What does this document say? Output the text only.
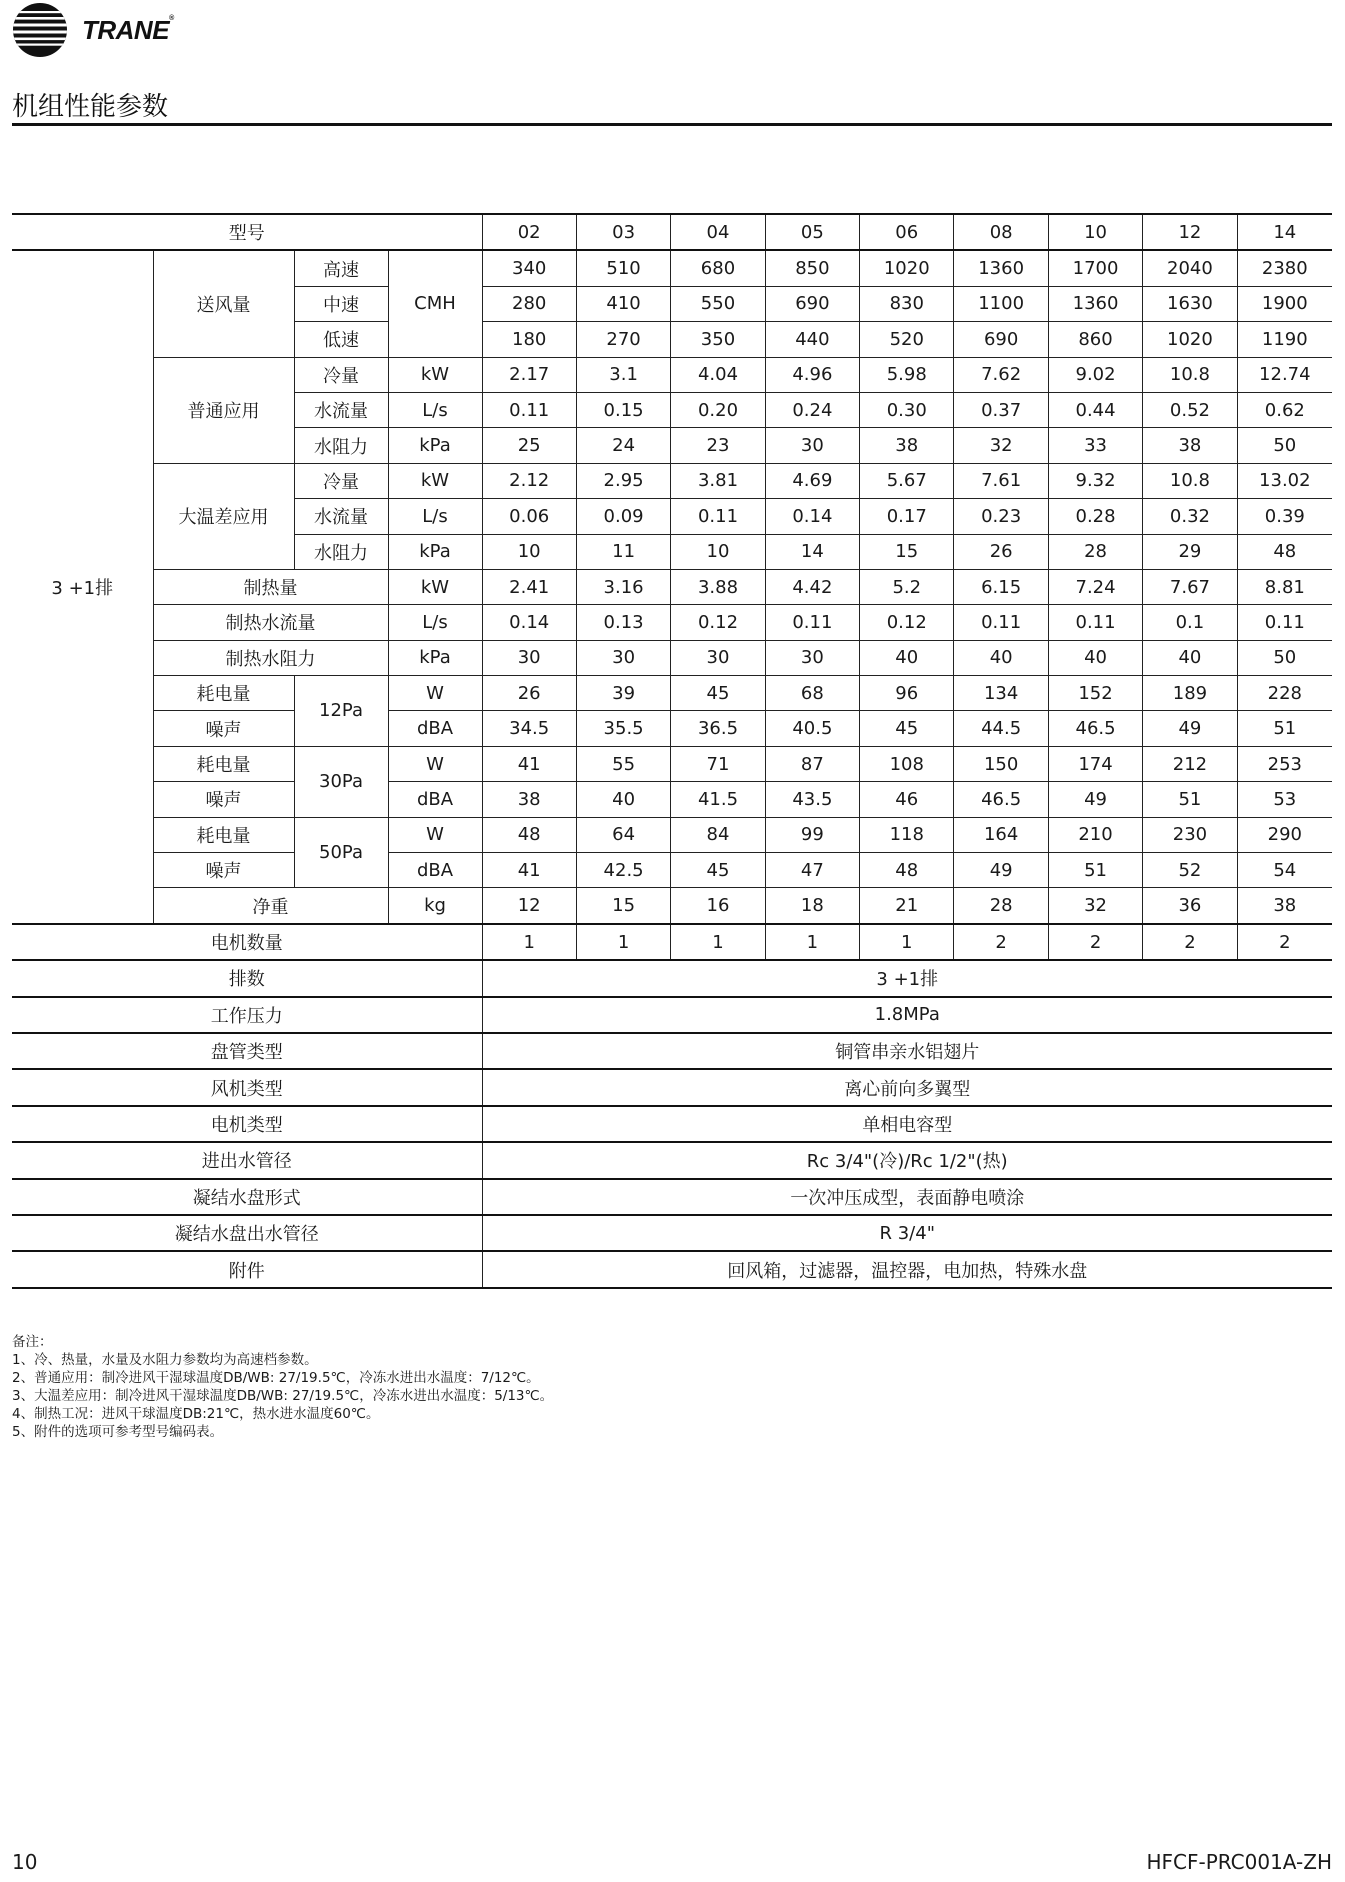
TRANE®
机组性能参数
型号				02	03	04	05	06	08	10	12	14
3 +1排	送风量	高速	CMH	340	510	680	850	1020	1360	1700	2040	2380
		中速		280	410	550	690	830	1100	1360	1630	1900
		低速		180	270	350	440	520	690	860	1020	1190
	普通应用	冷量	kW	2.17	3.1	4.04	4.96	5.98	7.62	9.02	10.8	12.74
		水流量	L/s	0.11	0.15	0.20	0.24	0.30	0.37	0.44	0.52	0.62
		水阻力	kPa	25	24	23	30	38	32	33	38	50
	大温差应用	冷量	kW	2.12	2.95	3.81	4.69	5.67	7.61	9.32	10.8	13.02
		水流量	L/s	0.06	0.09	0.11	0.14	0.17	0.23	0.28	0.32	0.39
		水阻力	kPa	10	11	10	14	15	26	28	29	48
	制热量		kW	2.41	3.16	3.88	4.42	5.2	6.15	7.24	7.67	8.81
	制热水流量		L/s	0.14	0.13	0.12	0.11	0.12	0.11	0.11	0.1	0.11
	制热水阻力		kPa	30	30	30	30	40	40	40	40	50
	耗电量	12Pa	W	26	39	45	68	96	134	152	189	228
	噪声		dBA	34.5	35.5	36.5	40.5	45	44.5	46.5	49	51
	耗电量	30Pa	W	41	55	71	87	108	150	174	212	253
	噪声		dBA	38	40	41.5	43.5	46	46.5	49	51	53
	耗电量	50Pa	W	48	64	84	99	118	164	210	230	290
	噪声		dBA	41	42.5	45	47	48	49	51	52	54
	净重		kg	12	15	16	18	21	28	32	36	38
电机数量				1	1	1	1	1	2	2	2	2
排数				3 +1排								
工作压力				1.8MPa								
盘管类型				铜管串亲水铝翅片								
风机类型				离心前向多翼型								
电机类型				单相电容型								
进出水管径				Rc 3/4"(冷)/Rc 1/2"(热)								
凝结水盘形式				一次冲压成型，表面静电喷涂								
凝结水盘出水管径				R 3/4"								
附件				回风箱，过滤器，温控器，电加热，特殊水盘								
备注：
1、冷、热量，水量及水阻力参数均为高速档参数。
2、普通应用：制冷进风干湿球温度DB/WB: 27/19.5℃，冷冻水进出水温度：7/12℃。
3、大温差应用：制冷进风干湿球温度DB/WB: 27/19.5℃，冷冻水进出水温度：5/13℃。
4、制热工况：进风干球温度DB:21℃，热水进水温度60℃。
5、附件的选项可参考型号编码表。
10	HFCF-PRC001A-ZH
